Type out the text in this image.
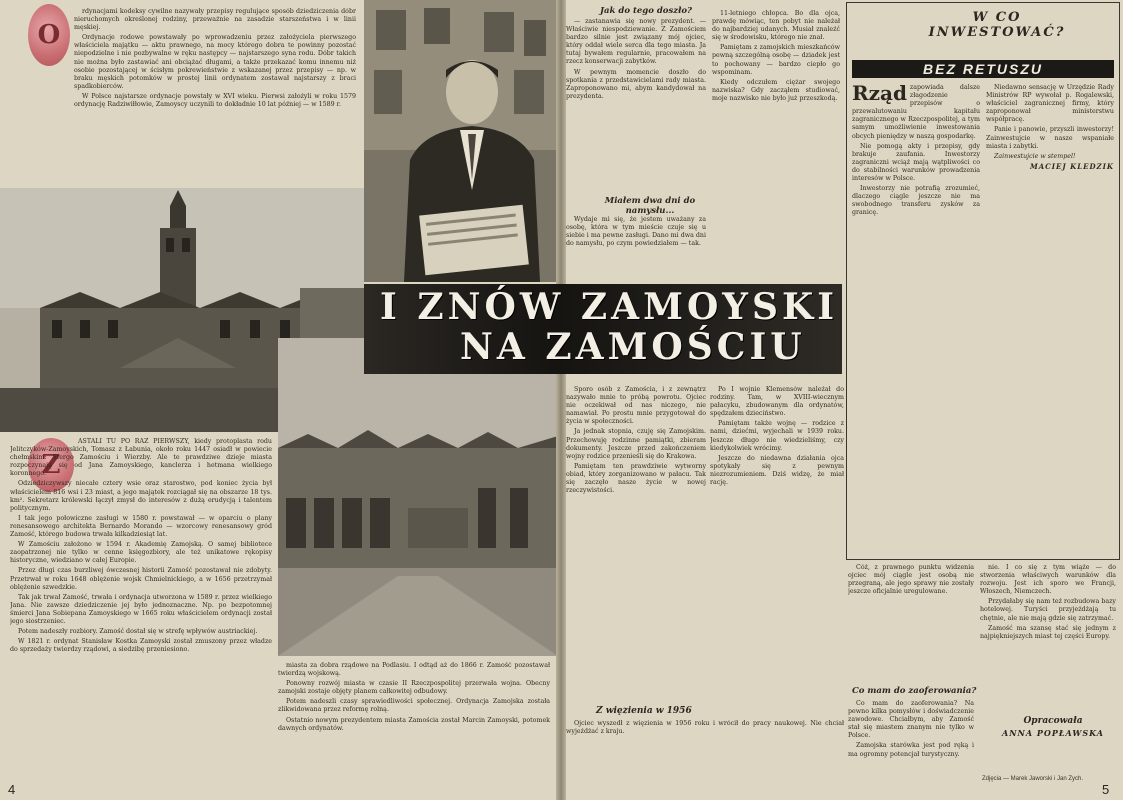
O

rdynacjami kodeksy cywilne nazywały przepisy regulujące sposób dziedziczenia dóbr nieruchomych określonej rodziny, przewaźnie na zasadzie starszeństwa i w linii męskiej.

Ordynacje rodowe powstawały po wprowadzeniu przez założyciela pierwszego właściciela majątku — aktu prawnego, na mocy którego dobra te powinny pozostać niepodzielne i nie pozbywalne w ręku następcy — najstarszego syna rodu. Dóbr takich nie można było zastawiać ani obciążać długami, a także przekazać komu innemu niż osobie pozostającej w ścisłym pokrewieństwie z wskazanej przez przepisy — np. w braku męskich potomków w prostej linii ordynatem zostawał najstarszy z braci spadkobierców.

W Polsce najstarsze ordynacje powstały w XVI wieku. Pierwsi założyli w roku 1579 ordynację Radziwiłłowie, Zamoyscy uczynili to dokładnie 10 lat później — w 1589 r.

Z

ASTALI TU PO RAZ PIERWSZY, kiedy protoplasta rodu Jelitczyków-Zamoyskich, Tomasz z Łabunia, około roku 1447 osiadł w powiecie chełmskim: Stergo Zamościu i Wierzby. Ale te prawdziwe dzieje miasta rozpoczynają się od Jana Zamoyskiego, kanclerza i hetmana wielkiego koronnego.

Odziedziczywszy niecałe cztery wsie oraz starostwo, pod koniec życia był właścicielem 816 wsi i 23 miast, a jego majątek rozciągał się na obszarze 18 tys. km². Sekretarz królewski łączył zmysł do interesów z dużą erudycją i talentem politycznym.

I tak jego połowiczne zasługi w 1580 r. powstawał — w oparciu o plany renesansowego architekta Bernardo Morando — wzorcowy renesansowy gród Zamość, którego budowa trwała kilkadziesiąt lat.

W Zamościu założono w 1594 r. Akademię Zamojską. O samej bibliotece zaopatrzonej nie tylko w cenne księgozbiory, ale też unikatowe rękopisy historyczne, wiedziano w całej Europie.

Przez długi czas burzliwej ówczesnej historii Zamość pozostawał nie zdobyty. Przetrwał w roku 1648 oblężenie wojsk Chmielnickiego, a w 1656 przetrzymał oblężenie szwedzkie.

Tak jak trwał Zamość, trwała i ordynacja utworzona w 1589 r. przez wielkiego Jana. Nie zawsze dziedziczenie jej było jednoznaczne. Np. po bezpotomnej śmierci Jana Sobiepana Zamoyskiego w 1665 roku właścicielem ordynacji został jego siostrzeniec.

Potem nadeszły rozbiory. Zamość dostał się w strefę wpływów austriackiej.

W 1821 r. ordynat Stanisław Kostka Zamoyski został zmuszony przez władze do sprzedaży twierdzy rządowi, a siedzibę przeniesiono.

miasta za dobra rządowe na Podlasiu. I odtąd aż do 1866 r. Zamość pozostawał twierdzą wojskową.

Ponowny rozwój miasta w czasie II Rzeczpospolitej przerwała wojna. Obecny zamojski zostaje objęty planem całkowitej odbudowy.

Potem nadeszli czasy sprawiedliwości społecznej. Ordynacja Zamojska została zlikwidowana przez reformę rolną.

Ostatnio nowym prezydentem miasta Zamościa został Marcin Zamoyski, potomek dawnych ordynatów.

4
Jak do tego doszło?

— zastanawia się nowy prezydent. — Właściwie niespodziewanie. Z Zamościem bardzo silnie jest związany mój ojciec, który oddał wiele serca dla tego miasta. Ja tutaj bywałem regularnie, pracowałem na rzecz konserwacji zabytków.

W pewnym momencie doszło do spotkania z przedstawicielami rady miasta. Zaproponowano mi, abym kandydował na prezydenta.

Miałem dwa dni do namysłu...

Wydaje mi się, że jestem uważany za osobę, która w tym mieście czuje się u siebie i ma pewne zasługi. Dano mi dwa dni do namysłu, po czym powiedziałem — tak.

11-letniego chłopca. Bo dla ojca, prawdę mówiąc, ten pobyt nie należał do najbardziej udanych. Musiał znaleźć się w środowisku, którego nie znał.

Pamiętam z zamojskich mieszkańców pewną szczególną osobę — dziadek jest to pochowany — bardzo ciepło go wspominam.

Kiedy odczułem ciężar swojego nazwiska? Gdy zacząłem studiować, moje nazwisko nie było już przeszkodą.

I ZNÓW ZAMOYSKI
NA ZAMOŚCIU

Sporo osób z Zamościa, i z zewnątrz nazywało mnie to próbą powrotu. Ojciec nie oczekiwał od nas niczego, nie namawiał. Po prostu mnie przygotował do życia w społeczności.

Ja jednak stopnia, czuję się Zamojskim. Przechowuję rodzinne pamiątki, zbieram dokumenty. Jeszcze przed zakończeniem wojny rodzice przenieśli się do Krakowa.

Pamiętam ten prawdziwie wytworny obiad, który zorganizowano w pałacu. Tak się zaczęło nasze życie w nowej rzeczywistości.

Z więzienia w 1956

Po I wojnie Klemensów należał do rodziny. Tam, w XVIII-wiecznym pałacyku, zbudowanym dla ordynatów, spędzałem dzieciństwo.

Pamiętam także wojnę — rodzice z nami, dziećmi, wyjechali w 1939 roku. Jeszcze długo nie wiedzieliśmy, czy kiedykolwiek wrócimy.

Jeszcze do niedawna działania ojca spotykały się z pewnym niezrozumieniem. Dziś widzę, że miał rację.

Ojciec wyszedł z więzienia w 1956 roku i wrócił do pracy naukowej. Nie chciał wyjeżdżać z kraju.

Cóż, z prawnego punktu widzenia ojciec mój ciągle jest osobą nie przegraną, ale jego sprawy nie zostały jeszcze oficjalnie uregulowane.

Co mam do zaoferowania?

Co mam do zaoferowania? Na pewno kilka pomysłów i doświadczenie zawodowe. Chciałbym, aby Zamość stał się miastem znanym nie tylko w Polsce.

Zamojska starówka jest pod ręką i ma ogromny potencjał turystyczny.

nie. I co się z tym wiąże — do stworzenia właściwych warunków dla rozwoju. Jest ich sporo we Francji, Włoszech, Niemczech.

Przydałaby się nam też rozbudowa bazy hotelowej. Turyści przyjeżdżają tu chętnie, ale nie mają gdzie się zatrzymać.

Zamość ma szansę stać się jednym z najpiękniejszych miast tej części Europy.

Opracowała
ANNA POPŁAWSKA
Zdjęcia — Marek Jaworski i Jan Zych.
5
W CO INWESTOWAĆ?
BEZ RETUSZU

Rząd zapowiada dalsze złagodzenie przepisów o przewalutowaniu kapitału zagranicznego w Rzeczpospolitej, a tym samym umożliwienie inwestowania obcych pieniędzy w naszą gospodarkę.

Nie pomogą akty i przepisy, gdy brakuje zaufania. Inwestorzy zagraniczni wciąż mają wątpliwości co do stabilności warunków prowadzenia interesów w Polsce.

Inwestorzy nie potrafią zrozumieć, dlaczego ciągle jeszcze nie ma swobodnego transferu zysków za granicę.

Niedawno sensację w Urzędzie Rady Ministrów RP wywołał p. Rogalewski, właściciel zagranicznej firmy, który zaproponował ministerstwu współpracę.

Panie i panowie, przyszli inwestorzy! Zainwestujcie w nasze wspaniałe miasta i zabytki.

Zainwestujcie w stempel!

MACIEJ KLEDZIK
